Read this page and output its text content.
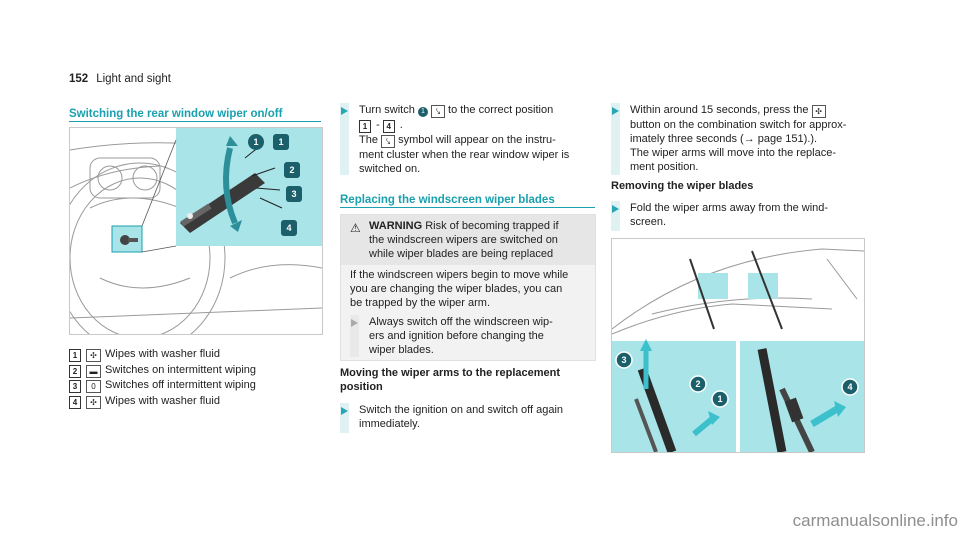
152 Light and sight
Switching the rear window wiper on/off
1 1
2
3
4
1 ✣ Wipes with washer fluid
2 ▬ Switches on intermittent wiping
3 0 Switches off intermittent wiping
4 ✣ Wipes with washer fluid
Turn switch 1 ⤥ to the correct position
1 - 4 .
The ⤥ symbol will appear on the instru-
ment cluster when the rear window wiper is
switched on.
Replacing the windscreen wiper blades
⚠ WARNING Risk of becoming trapped if
the windscreen wipers are switched on
while wiper blades are being replaced
If the windscreen wipers begin to move while
you are changing the wiper blades, you can
be trapped by the wiper arm.
Always switch off the windscreen wip-
ers and ignition before changing the
wiper blades.
Moving the wiper arms to the replacement
position
Switch the ignition on and switch off again
immediately.
Within around 15 seconds, press the ✣
button on the combination switch for approx-
imately three seconds (→ page 151).).
The wiper arms will move into the replace-
ment position.
Removing the wiper blades
Fold the wiper arms away from the wind-
screen.
3
2
1
4
carmanualsonline.info
